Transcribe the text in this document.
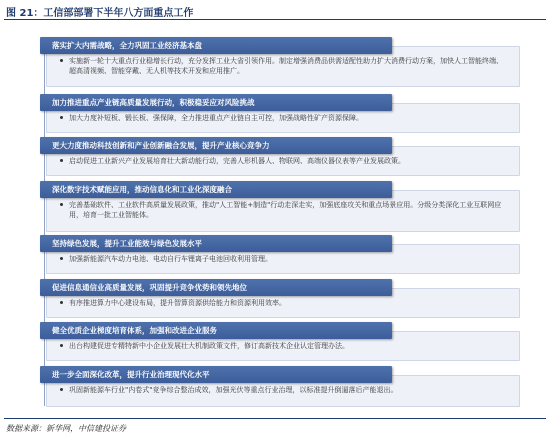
图 21：工信部部署下半年八方面重点工作
实施新一轮十大重点行业稳增长行动，充分发挥工业大省引领作用。制定增强消费品供需适配性助力扩大消费行动方案，加快人工智能终端、超高清视频、智能穿戴、无人机等技术开发和应用推广。
落实扩大内需战略，全力巩固工业经济基本盘
加大力度补短板、锻长板、强保障，全力推进重点产业链自主可控，加强战略性矿产资源保障。
加力推进重点产业链高质量发展行动，积极稳妥应对风险挑战
启动促进工业新兴产业发展培育壮大新动能行动，完善人形机器人、物联网、高端仪器仪表等产业发展政策。
更大力度推动科技创新和产业创新融合发展，提升产业核心竞争力
完善基础软件、工业软件高质量发展政策，推动"人工智能+制造"行动走深走实，加强底座攻关和重点场景应用。分级分类深化工业互联网应用，培育一批工业智能体。
深化数字技术赋能应用，推动信息化和工业化深度融合
加强新能源汽车动力电池、电动自行车锂离子电池回收利用管理。
坚持绿色发展，提升工业能效与绿色发展水平
有序推进算力中心建设布局，提升智算资源供给能力和资源利用效率。
促进信息通信业高质量发展，巩固提升竞争优势和领先地位
出台构建促进专精特新中小企业发展壮大机制政策文件，修订高新技术企业认定管理办法。
健全优质企业梯度培育体系，加强和改进企业服务
巩固新能源车行业"内卷式"竞争综合整治成效，加强光伏等重点行业治理，以标准提升倒逼落后产能退出。
进一步全面深化改革，提升行业治理现代化水平
数据来源：新华网，中信建投证券
